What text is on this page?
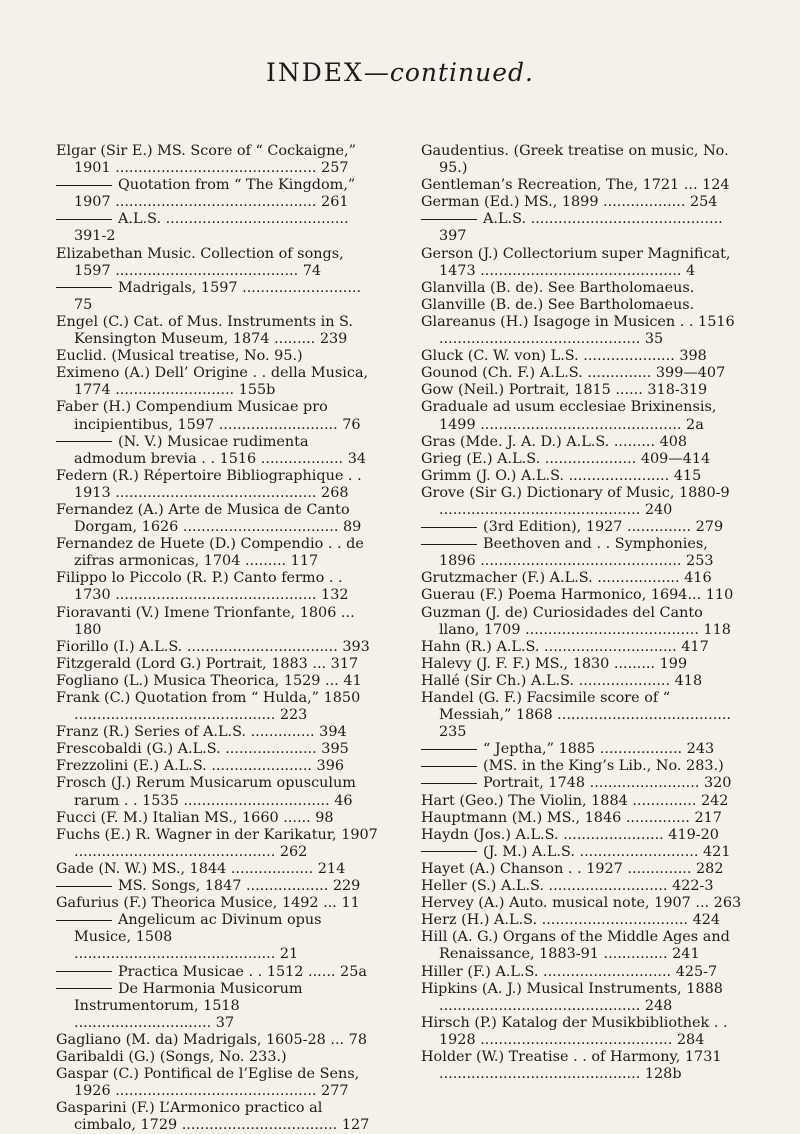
INDEX—continued.

Elgar (Sir E.) MS. Score of “ Cockaigne,” 1901 ............................................ 257

Quotation from “ The Kingdom,” 1907 ............................................ 261

A.L.S. ........................................ 391-2

Elizabethan Music. Collection of songs, 1597 ........................................ 74

Madrigals, 1597 .......................... 75

Engel (C.) Cat. of Mus. Instruments in S. Kensington Museum, 1874 ......... 239

Euclid. (Musical treatise, No. 95.)

Eximeno (A.) Dell’ Origine . . della Musica, 1774 .......................... 155b

Faber (H.) Compendium Musicae pro incipientibus, 1597 .......................... 76

(N. V.) Musicae rudimenta admodum brevia . . 1516 .................. 34

Federn (R.) Répertoire Bibliographique . . 1913 ............................................ 268

Fernandez (A.) Arte de Musica de Canto Dorgam, 1626 .................................. 89

Fernandez de Huete (D.) Compendio . . de zifras armonicas, 1704 ......... 117

Filippo lo Piccolo (R. P.) Canto fermo . . 1730 ............................................ 132

Fioravanti (V.) Imene Trionfante, 1806 ... 180

Fiorillo (I.) A.L.S. ................................. 393

Fitzgerald (Lord G.) Portrait, 1883 ... 317

Fogliano (L.) Musica Theorica, 1529 ... 41

Frank (C.) Quotation from “ Hulda,” 1850 ............................................ 223

Franz (R.) Series of A.L.S. .............. 394

Frescobaldi (G.) A.L.S. .................... 395

Frezzolini (E.) A.L.S. ...................... 396

Frosch (J.) Rerum Musicarum opusculum rarum . . 1535 ................................ 46

Fucci (F. M.) Italian MS., 1660 ...... 98

Fuchs (E.) R. Wagner in der Karikatur, 1907 ............................................ 262

Gade (N. W.) MS., 1844 .................. 214

MS. Songs, 1847 .................. 229

Gafurius (F.) Theorica Musice, 1492 ... 11

Angelicum ac Divinum opus Musice, 1508 ............................................ 21

Practica Musicae . . 1512 ...... 25a

De Harmonia Musicorum Instrumentorum, 1518 .............................. 37

Gagliano (M. da) Madrigals, 1605-28 ... 78

Garibaldi (G.) (Songs, No. 233.)

Gaspar (C.) Pontifical de l’Eglise de Sens, 1926 ............................................ 277

Gasparini (F.) L’Armonico practico al cimbalo, 1729 .................................. 127

Gaudentius. (Greek treatise on music, No. 95.)

Gentleman’s Recreation, The, 1721 ... 124

German (Ed.) MS., 1899 .................. 254

A.L.S. .......................................... 397

Gerson (J.) Collectorium super Magnificat, 1473 ............................................ 4

Glanvilla (B. de). See Bartholomaeus.

Glanville (B. de.) See Bartholomaeus.

Glareanus (H.) Isagoge in Musicen . . 1516 ............................................ 35

Gluck (C. W. von) L.S. .................... 398

Gounod (Ch. F.) A.L.S. .............. 399—407

Gow (Neil.) Portrait, 1815 ...... 318-319

Graduale ad usum ecclesiae Brixinensis, 1499 ............................................ 2a

Gras (Mde. J. A. D.) A.L.S. ......... 408

Grieg (E.) A.L.S. .................... 409—414

Grimm (J. O.) A.L.S. ...................... 415

Grove (Sir G.) Dictionary of Music, 1880-9 ............................................ 240

(3rd Edition), 1927 .............. 279

Beethoven and . . Symphonies, 1896 ............................................ 253

Grutzmacher (F.) A.L.S. .................. 416

Guerau (F.) Poema Harmonico, 1694... 110

Guzman (J. de) Curiosidades del Canto llano, 1709 ...................................... 118

Hahn (R.) A.L.S. ............................. 417

Halevy (J. F. F.) MS., 1830 ......... 199

Hallé (Sir Ch.) A.L.S. .................... 418

Handel (G. F.) Facsimile score of “ Messiah,” 1868 ...................................... 235

“ Jeptha,” 1885 .................. 243

(MS. in the King’s Lib., No. 283.)

Portrait, 1748 ........................ 320

Hart (Geo.) The Violin, 1884 .............. 242

Hauptmann (M.) MS., 1846 .............. 217

Haydn (Jos.) A.L.S. ...................... 419-20

(J. M.) A.L.S. .......................... 421

Hayet (A.) Chanson . . 1927 .............. 282

Heller (S.) A.L.S. .......................... 422-3

Hervey (A.) Auto. musical note, 1907 ... 263

Herz (H.) A.L.S. ................................ 424

Hill (A. G.) Organs of the Middle Ages and Renaissance, 1883-91 .............. 241

Hiller (F.) A.L.S. ............................ 425-7

Hipkins (A. J.) Musical Instruments, 1888 ............................................ 248

Hirsch (P.) Katalog der Musikbibliothek . . 1928 .......................................... 284

Holder (W.) Treatise . . of Harmony, 1731 ............................................ 128b
